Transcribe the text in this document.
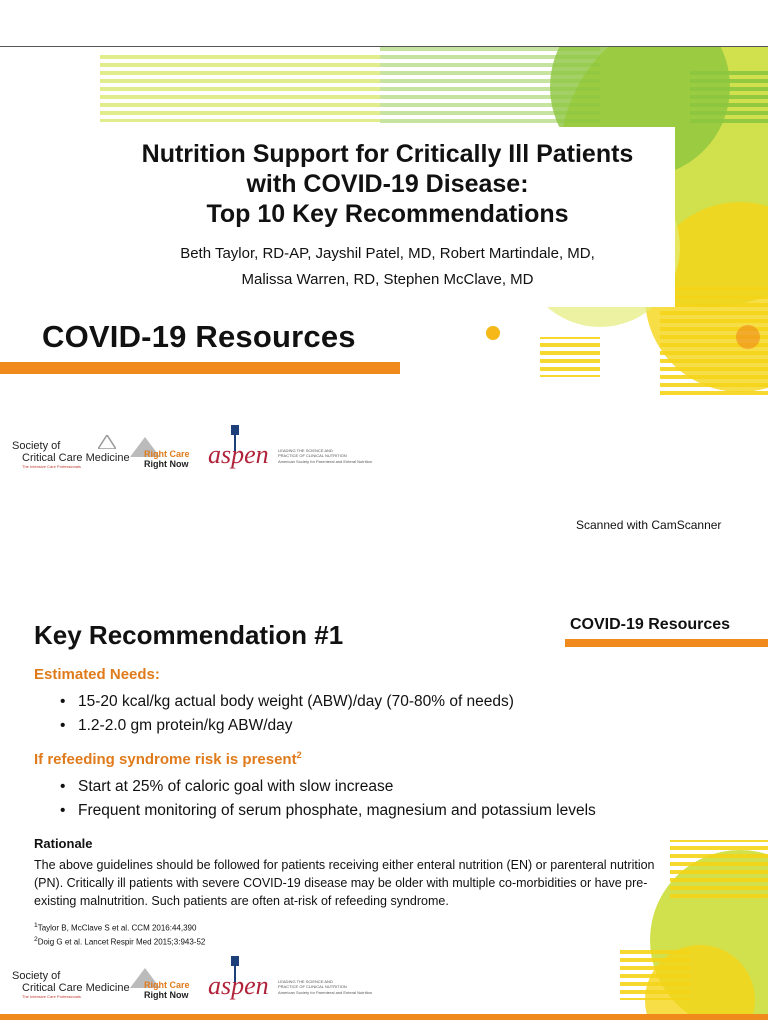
Nutrition Support for Critically Ill Patients
with COVID-19 Disease:
Top 10 Key Recommendations
Beth Taylor, RD-AP, Jayshil Patel, MD, Robert Martindale, MD,
Malissa Warren, RD, Stephen McClave, MD
COVID-19 Resources
Society of
Critical Care Medicine
The Intensive Care Professionals
Right Care
Right Now aspen LEADING THE SCIENCE AND
PRACTICE OF CLINICAL NUTRITION
American Society for Parenteral and Enteral Nutrition
Scanned with CamScanner
Key Recommendation #1	COVID-19 Resources
Estimated Needs:
• 15-20 kcal/kg actual body weight (ABW)/day (70-80% of needs)
• 1.2-2.0 gm protein/kg ABW/day
If refeeding syndrome risk is present$^2$
• Start at 25% of caloric goal with slow increase
• Frequent monitoring of serum phosphate, magnesium and potassium levels
Rationale
The above guidelines should be followed for patients receiving either enteral nutrition (EN) or parenteral nutrition (PN). Critically ill patients with severe COVID-19 disease may be older with multiple co-morbidities or have pre-existing malnutrition. Such patients are often at-risk of refeeding syndrome.
$^1$Taylor B, McClave S et al. CCM 2016:44,390
$^2$Doig G et al. Lancet Respir Med 2015;3:943-52
Society of
Critical Care Medicine
The Intensive Care Professionals
Right Care
Right Now aspen LEADING THE SCIENCE AND
PRACTICE OF CLINICAL NUTRITION
American Society for Parenteral and Enteral Nutrition
